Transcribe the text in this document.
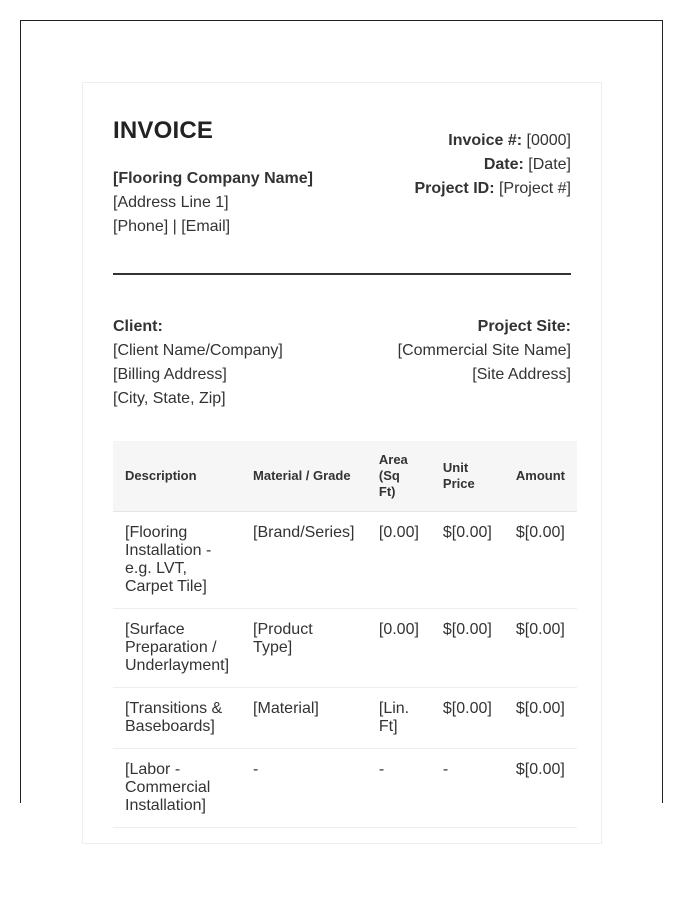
INVOICE
[Flooring Company Name]
[Address Line 1]
[Phone] | [Email]
Invoice #: [0000]
Date: [Date]
Project ID: [Project #]
Client:
[Client Name/Company]
[Billing Address]
[City, State, Zip]
Project Site:
[Commercial Site Name]
[Site Address]
Description	Material / Grade	Area (Sq Ft)	Unit Price	Amount
[Flooring Installation - e.g. LVT, Carpet Tile]	[Brand/Series]	[0.00]	$[0.00]	$[0.00]
[Surface Preparation / Underlayment]	[Product Type]	[0.00]	$[0.00]	$[0.00]
[Transitions & Baseboards]	[Material]	[Lin. Ft]	$[0.00]	$[0.00]
[Labor - Commercial Installation]	-	-	-	$[0.00]
